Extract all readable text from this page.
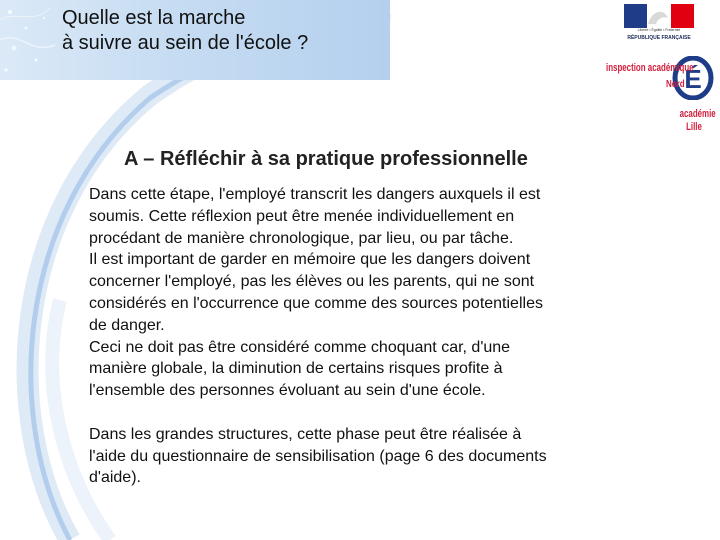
Quelle est la marche
à suivre au sein de l'école ?
Liberté • Égalité • Fraternité
RÉPUBLIQUE FRANÇAISE
É
inspection académique
Nord
académie
Lille
A – Réfléchir à sa pratique professionnelle
Dans cette étape, l'employé transcrit les dangers auxquels il est
soumis. Cette réflexion peut être menée individuellement en
procédant de manière chronologique, par lieu, ou par tâche.
Il est important de garder en mémoire que les dangers doivent
concerner l'employé, pas les élèves ou les parents, qui ne sont
considérés en l'occurrence que comme des sources potentielles
de danger.
Ceci ne doit pas être considéré comme choquant car, d'une
manière globale, la diminution de certains risques profite à
l'ensemble des personnes évoluant au sein d'une école.
Dans les grandes structures, cette phase peut être réalisée à
l'aide du questionnaire de sensibilisation (page 6 des documents
d'aide).
